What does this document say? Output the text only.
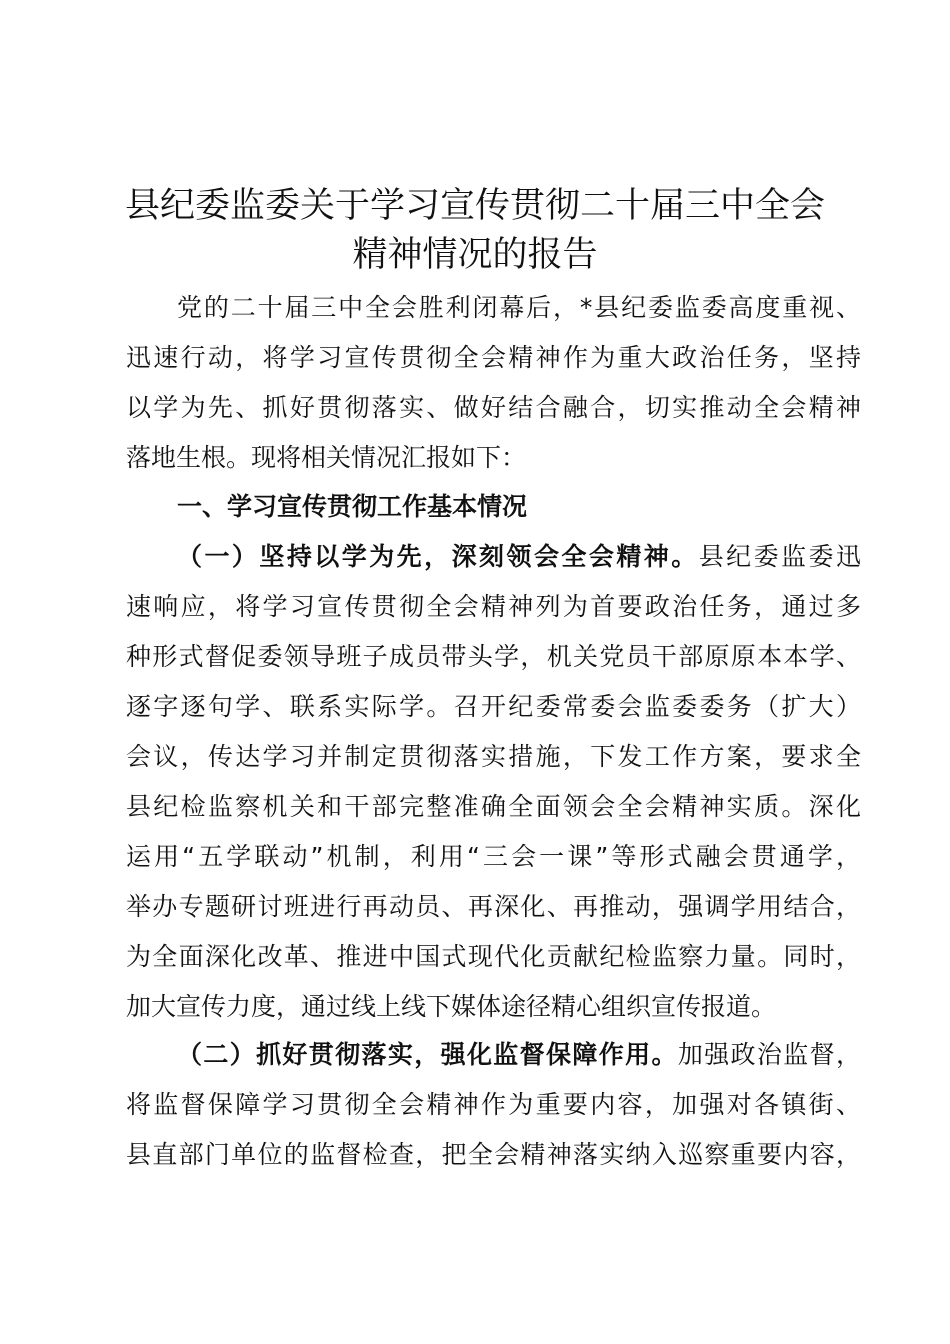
县纪委监委关于学习宣传贯彻二十届三中全会
精神情况的报告
党的二十届三中全会胜利闭幕后，*县纪委监委高度重视、
迅速行动，将学习宣传贯彻全会精神作为重大政治任务，坚持
以学为先、抓好贯彻落实、做好结合融合，切实推动全会精神
落地生根。现将相关情况汇报如下：
一、学习宣传贯彻工作基本情况
（一）坚持以学为先，深刻领会全会精神。县纪委监委迅
速响应，将学习宣传贯彻全会精神列为首要政治任务，通过多
种形式督促委领导班子成员带头学，机关党员干部原原本本学、
逐字逐句学、联系实际学。召开纪委常委会监委委务（扩大）
会议，传达学习并制定贯彻落实措施，下发工作方案，要求全
县纪检监察机关和干部完整准确全面领会全会精神实质。深化
运用“五学联动”机制，利用“三会一课”等形式融会贯通学，
举办专题研讨班进行再动员、再深化、再推动，强调学用结合，
为全面深化改革、推进中国式现代化贡献纪检监察力量。同时，
加大宣传力度，通过线上线下媒体途径精心组织宣传报道。
（二）抓好贯彻落实，强化监督保障作用。加强政治监督，
将监督保障学习贯彻全会精神作为重要内容，加强对各镇街、
县直部门单位的监督检查，把全会精神落实纳入巡察重要内容，
